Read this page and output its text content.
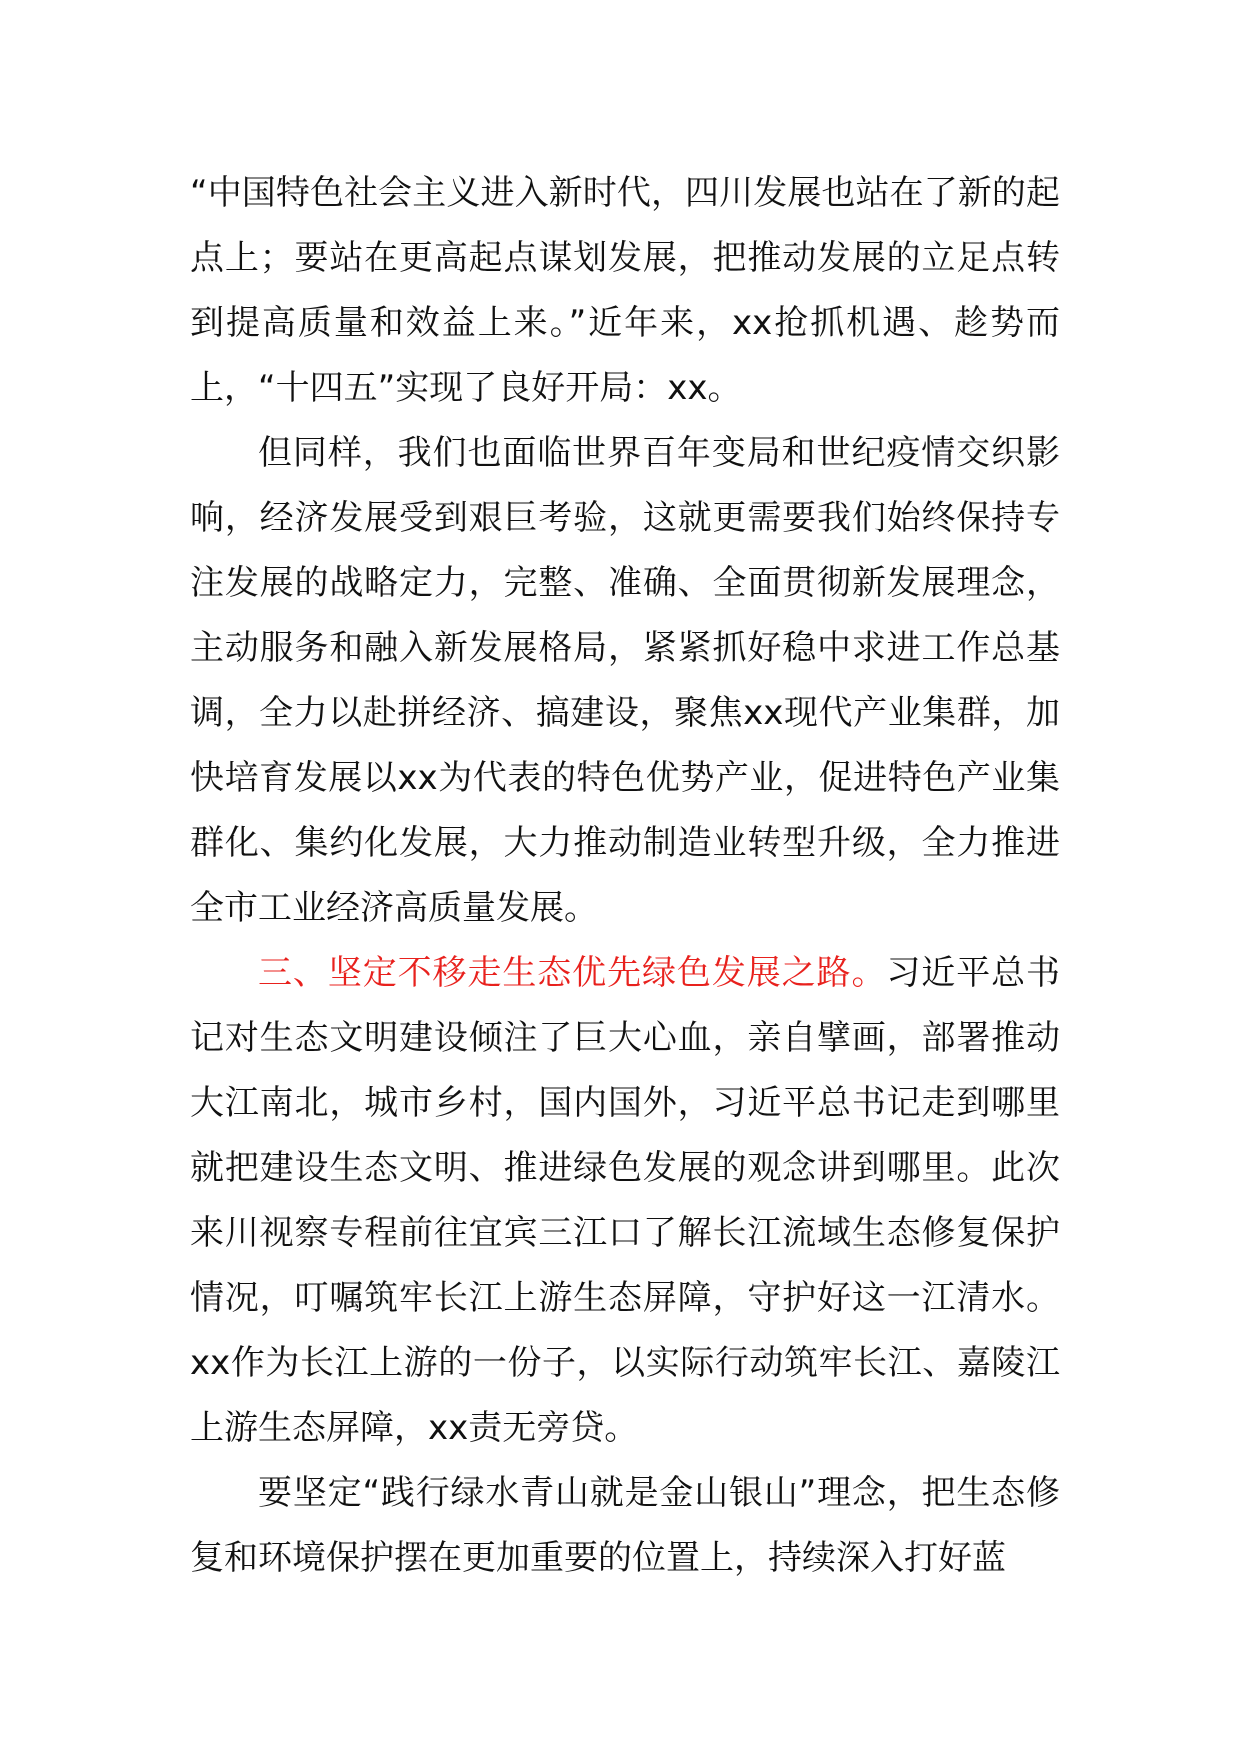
“中国特色社会主义进入新时代，四川发展也站在了新的起点上；要站在更高起点谋划发展，把推动发展的立足点转到提高质量和效益上来。”近年来，xx抢抓机遇、趁势而上，“十四五”实现了良好开局：xx。

但同样，我们也面临世界百年变局和世纪疫情交织影响，经济发展受到艰巨考验，这就更需要我们始终保持专注发展的战略定力，完整、准确、全面贯彻新发展理念，主动服务和融入新发展格局，紧紧抓好稳中求进工作总基调，全力以赴拼经济、搞建设，聚焦xx现代产业集群，加快培育发展以xx为代表的特色优势产业，促进特色产业集群化、集约化发展，大力推动制造业转型升级，全力推进全市工业经济高质量发展。

三、坚定不移走生态优先绿色发展之路。习近平总书记对生态文明建设倾注了巨大心血，亲自擘画，部署推动大江南北，城市乡村，国内国外，习近平总书记走到哪里就把建设生态文明、推进绿色发展的观念讲到哪里。此次来川视察专程前往宜宾三江口了解长江流域生态修复保护情况，叮嘱筑牢长江上游生态屏障，守护好这一江清水。xx作为长江上游的一份子，以实际行动筑牢长江、嘉陵江上游生态屏障，xx责无旁贷。

要坚定“践行绿水青山就是金山银山”理念，把生态修复和环境保护摆在更加重要的位置上，持续深入打好蓝
